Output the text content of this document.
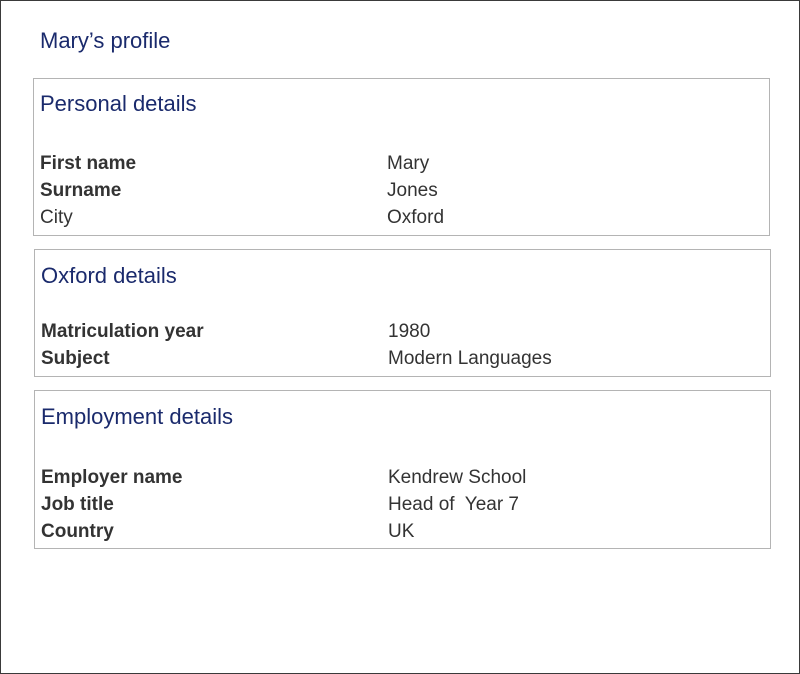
Mary’s profile
Personal details
First name	Mary
Surname	Jones
City	Oxford
Oxford details
Matriculation year	1980
Subject	Modern Languages
Employment details
Employer name	Kendrew School
Job title	Head of  Year 7
Country	UK
